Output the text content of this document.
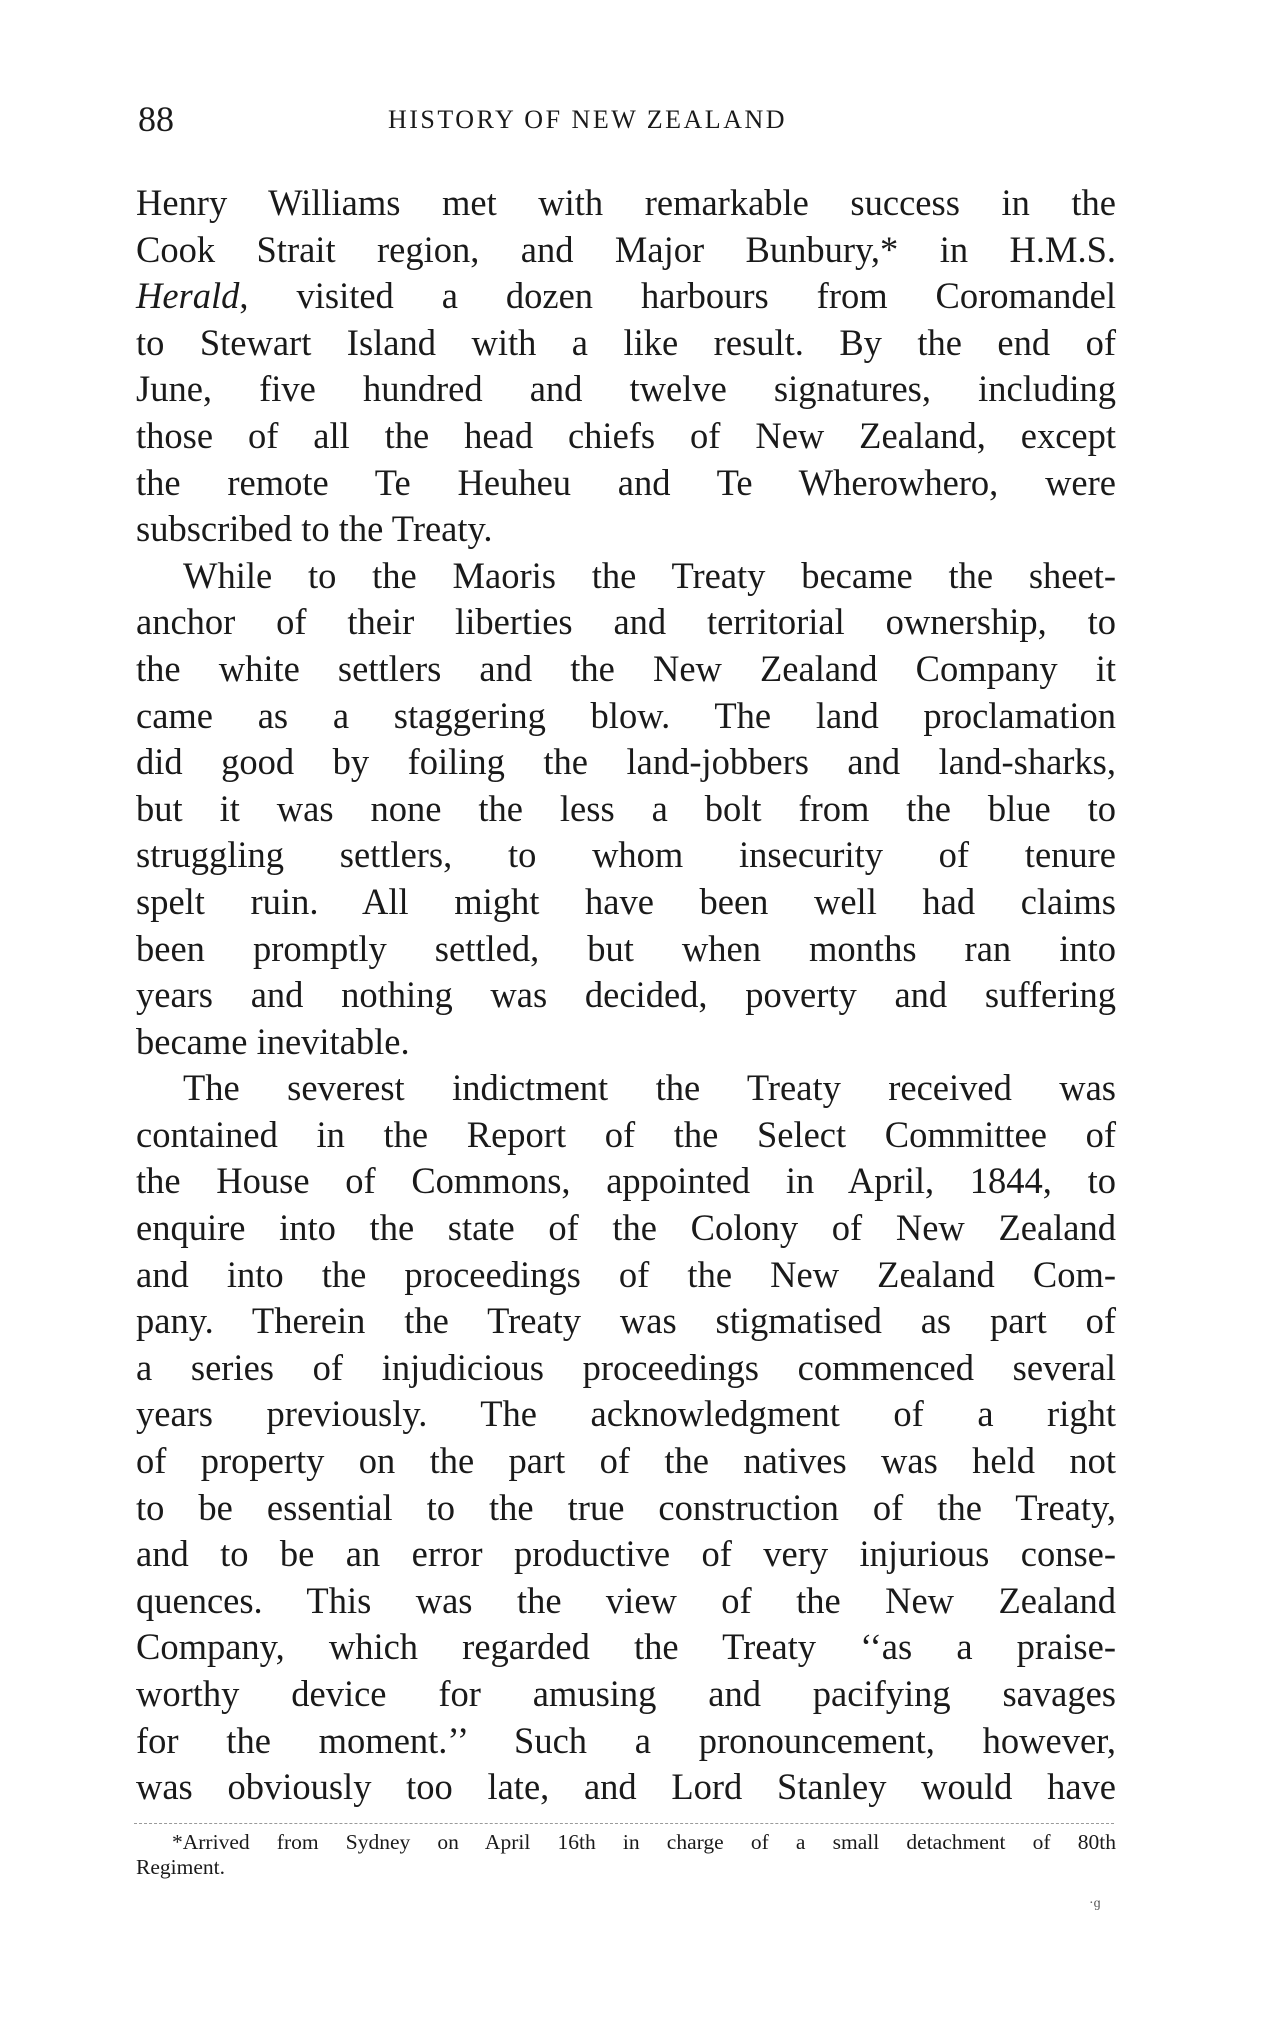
88	HISTORY OF NEW ZEALAND

Henry Williams met with remarkable success in the
Cook Strait region, and Major Bunbury,* in H.M.S.
Herald, visited a dozen harbours from Coromandel
to Stewart Island with a like result. By the end of
June, five hundred and twelve signatures, including
those of all the head chiefs of New Zealand, except
the remote Te Heuheu and Te Wherowhero, were
subscribed to the Treaty.

While to the Maoris the Treaty became the sheet-
anchor of their liberties and territorial ownership, to
the white settlers and the New Zealand Company it
came as a staggering blow. The land proclamation
did good by foiling the land-jobbers and land-sharks,
but it was none the less a bolt from the blue to
struggling settlers, to whom insecurity of tenure
spelt ruin. All might have been well had claims
been promptly settled, but when months ran into
years and nothing was decided, poverty and suffering
became inevitable.

The severest indictment the Treaty received was
contained in the Report of the Select Committee of
the House of Commons, appointed in April, 1844, to
enquire into the state of the Colony of New Zealand
and into the proceedings of the New Zealand Com-
pany. Therein the Treaty was stigmatised as part of
a series of injudicious proceedings commenced several
years previously. The acknowledgment of a right
of property on the part of the natives was held not
to be essential to the true construction of the Treaty,
and to be an error productive of very injurious conse-
quences. This was the view of the New Zealand
Company, which regarded the Treaty ‘‘as a praise-
worthy device for amusing and pacifying savages
for the moment.’’ Such a pronouncement, however,
was obviously too late, and Lord Stanley would have

*Arrived from Sydney on April 16th in charge of a small detachment of 80th
Regiment.
·ɡ
